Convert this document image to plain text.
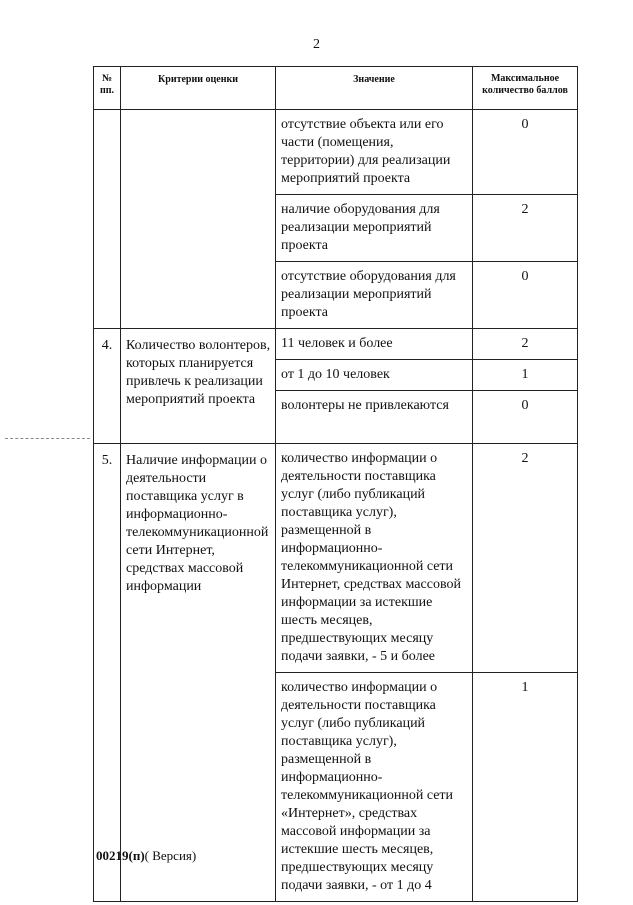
2
№ пп.	Критерии оценки	Значение	Максимальное количество баллов
		отсутствие объекта или его части (помещения, территории) для реализации мероприятий проекта	0
		наличие оборудования для реализации мероприятий проекта	2
		отсутствие оборудования для реализации мероприятий проекта	0
4.	Количество волонтеров, которых планируется привлечь к реализации мероприятий проекта	11 человек и более	2
		от 1 до 10 человек	1
		волонтеры не привлекаются	0
5.	Наличие информации о деятельности поставщика услуг в информационно-телекоммуникационной сети Интернет, средствах массовой информации	количество информации о деятельности поставщика услуг (либо публикаций поставщика услуг), размещенной в информационно-телекоммуникационной сети Интернет, средствах массовой информации за истекшие шесть месяцев, предшествующих месяцу подачи заявки, - 5 и более	2
		количество информации о деятельности поставщика услуг (либо публикаций поставщика услуг), размещенной в информационно-телекоммуникационной сети «Интернет», средствах массовой информации за истекшие шесть месяцев, предшествующих месяцу подачи заявки, - от 1 до 4	1
00219(п)( Версия)
